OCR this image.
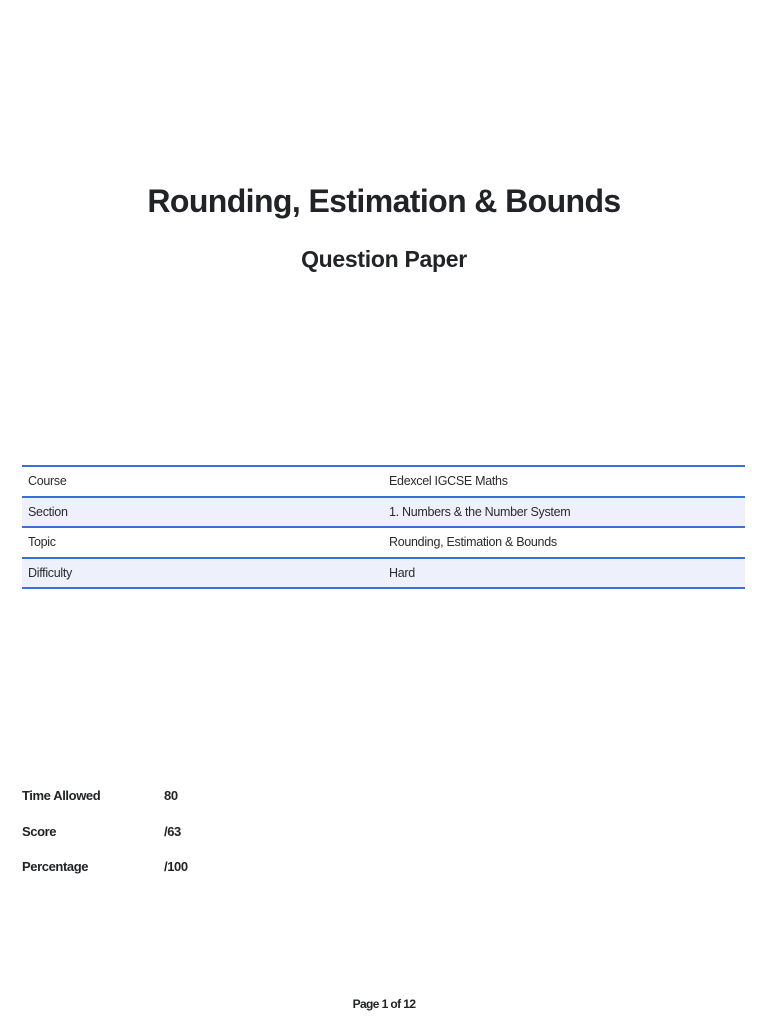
Rounding, Estimation & Bounds
Question Paper
Course	Edexcel IGCSE Maths
Section	1. Numbers & the Number System
Topic	Rounding, Estimation & Bounds
Difficulty	Hard
Time Allowed	80
Score	/63
Percentage	/100
Page 1 of 12
